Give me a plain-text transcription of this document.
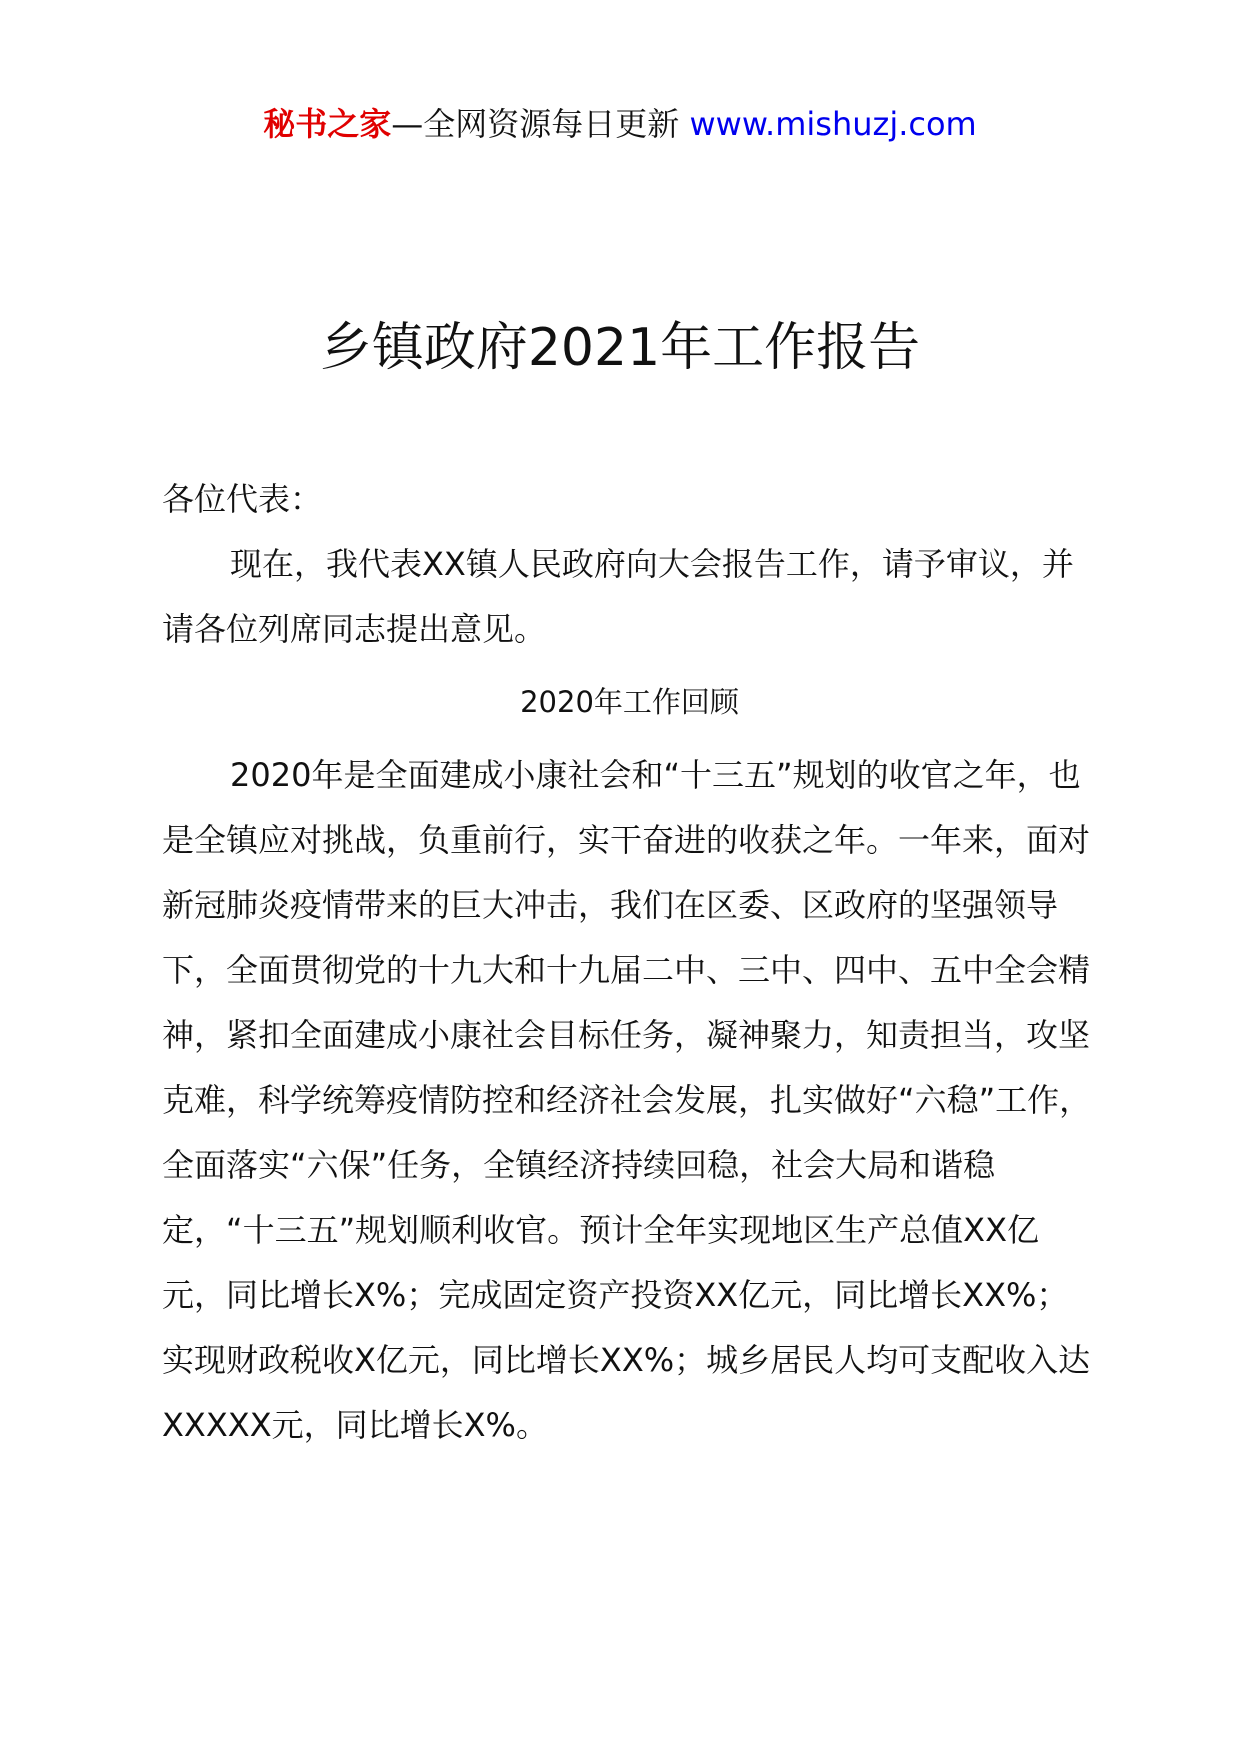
秘书之家—全网资源每日更新 www.mishuzj.com
乡镇政府2021年工作报告

各位代表：

现在，我代表XX镇人民政府向大会报告工作，请予审议，并请各位列席同志提出意见。

2020年工作回顾

2020年是全面建成小康社会和“十三五”规划的收官之年，也是全镇应对挑战，负重前行，实干奋进的收获之年。一年来，面对新冠肺炎疫情带来的巨大冲击，我们在区委、区政府的坚强领导下，全面贯彻党的十九大和十九届二中、三中、四中、五中全会精神，紧扣全面建成小康社会目标任务，凝神聚力，知责担当，攻坚克难，科学统筹疫情防控和经济社会发展，扎实做好“六稳”工作，全面落实“六保”任务，全镇经济持续回稳，社会大局和谐稳定，“十三五”规划顺利收官。预计全年实现地区生产总值XX亿元，同比增长X%；完成固定资产投资XX亿元，同比增长XX%；实现财政税收X亿元，同比增长XX%；城乡居民人均可支配收入达XXXXX元，同比增长X%。
